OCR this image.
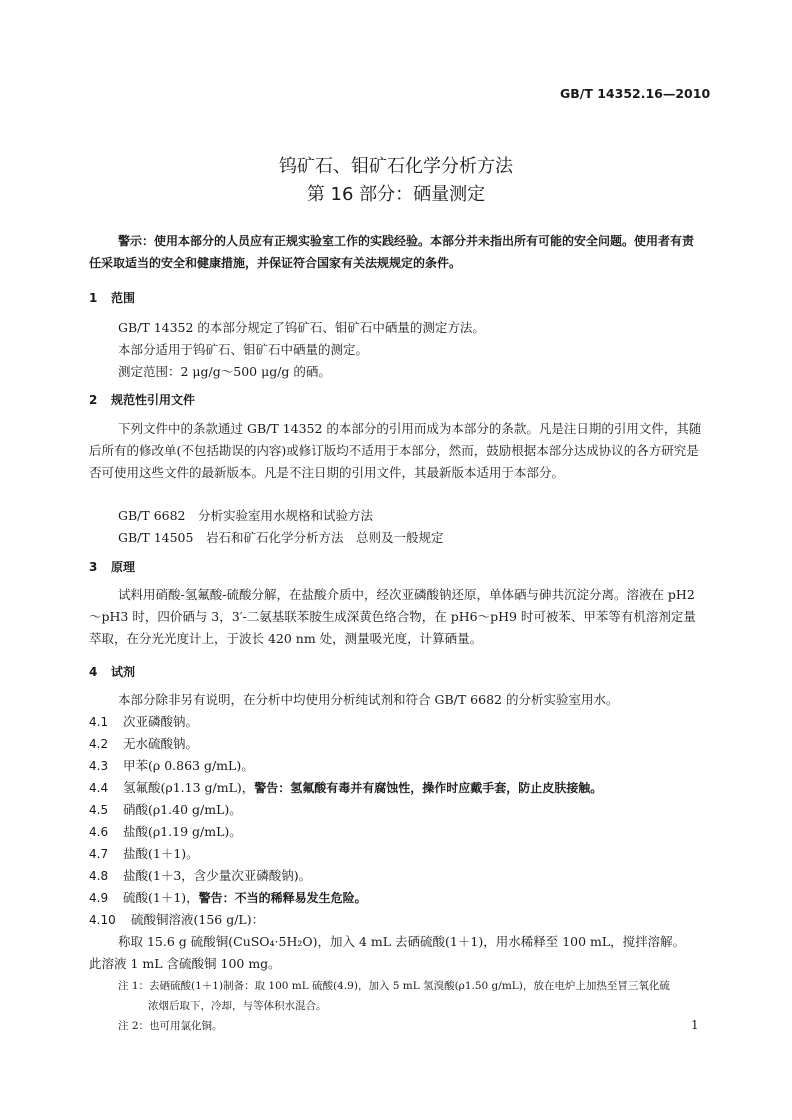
GB/T 14352.16—2010
钨矿石、钼矿石化学分析方法
第 16 部分：硒量测定
警示：使用本部分的人员应有正规实验室工作的实践经验。本部分并未指出所有可能的安全问题。使用者有责任采取适当的安全和健康措施，并保证符合国家有关法规规定的条件。
1 范围
GB/T 14352 的本部分规定了钨矿石、钼矿石中硒量的测定方法。
本部分适用于钨矿石、钼矿石中硒量的测定。
测定范围：2 μg/g～500 μg/g 的硒。
2 规范性引用文件
下列文件中的条款通过 GB/T 14352 的本部分的引用而成为本部分的条款。凡是注日期的引用文件，其随后所有的修改单(不包括勘误的内容)或修订版均不适用于本部分，然而，鼓励根据本部分达成协议的各方研究是否可使用这些文件的最新版本。凡是不注日期的引用文件，其最新版本适用于本部分。
GB/T 6682　分析实验室用水规格和试验方法
GB/T 14505　岩石和矿石化学分析方法　总则及一般规定
3 原理
试料用硝酸-氢氟酸-硫酸分解，在盐酸介质中，经次亚磷酸钠还原，单体硒与砷共沉淀分离。溶液在 pH2～pH3 时，四价硒与 3，3′-二氨基联苯胺生成深黄色络合物，在 pH6～pH9 时可被苯、甲苯等有机溶剂定量萃取，在分光光度计上，于波长 420 nm 处，测量吸光度，计算硒量。
4 试剂
本部分除非另有说明，在分析中均使用分析纯试剂和符合 GB/T 6682 的分析实验室用水。
4.1 次亚磷酸钠。
4.2 无水硫酸钠。
4.3 甲苯(ρ 0.863 g/mL)。
4.4 氢氟酸(ρ1.13 g/mL)，警告：氢氟酸有毒并有腐蚀性，操作时应戴手套，防止皮肤接触。
4.5 硝酸(ρ1.40 g/mL)。
4.6 盐酸(ρ1.19 g/mL)。
4.7 盐酸(1＋1)。
4.8 盐酸(1＋3，含少量次亚磷酸钠)。
4.9 硫酸(1＋1)，警告：不当的稀释易发生危险。
4.10 硫酸铜溶液(156 g/L)：
称取 15.6 g 硫酸铜(CuSO₄·5H₂O)，加入 4 mL 去硒硫酸(1＋1)，用水稀释至 100 mL，搅拌溶解。
此溶液 1 mL 含硫酸铜 100 mg。
注 1：去硒硫酸(1＋1)制备：取 100 mL 硫酸(4.9)，加入 5 mL 氢溴酸(ρ1.50 g/mL)，放在电炉上加热至冒三氧化硫
浓烟后取下，冷却，与等体积水混合。
注 2：也可用氯化铜。	1
